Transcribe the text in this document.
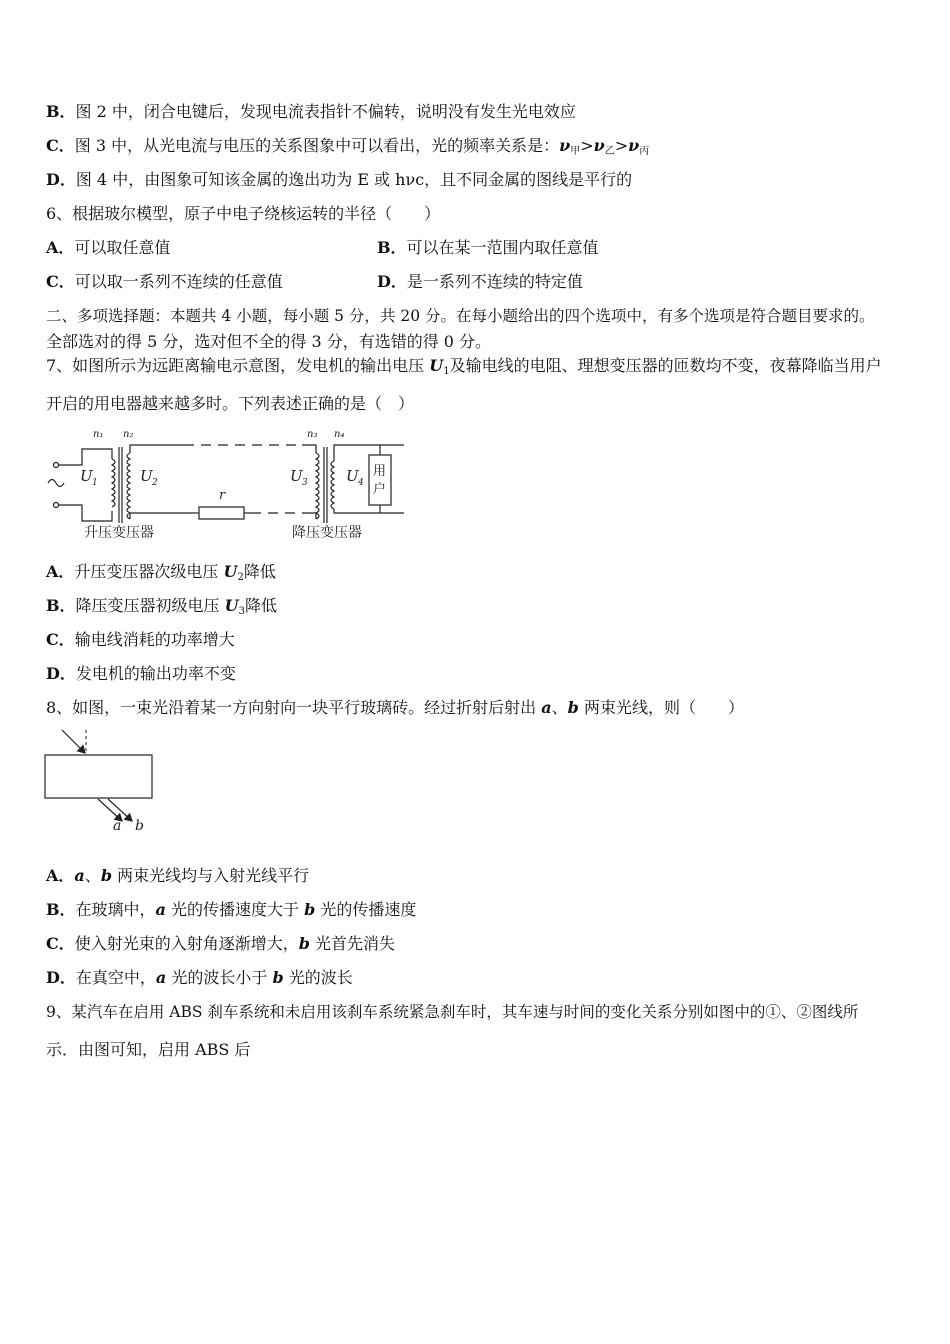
B．图 2 中，闭合电键后，发现电流表指针不偏转，说明没有发生光电效应
C．图 3 中，从光电流与电压的关系图象中可以看出，光的频率关系是：$\nu_甲>\nu_乙>\nu_丙$
D．图 4 中，由图象可知该金属的逸出功为 E 或 hνc，且不同金属的图线是平行的
6、根据玻尔模型，原子中电子绕核运转的半径（　　）
A．可以取任意值	B．可以在某一范围内取任意值
C．可以取一系列不连续的任意值	D．是一系列不连续的特定值
二、多项选择题：本题共 4 小题，每小题 5 分，共 20 分。在每小题给出的四个选项中，有多个选项是符合题目要求的。
全部选对的得 5 分，选对但不全的得 3 分，有选错的得 0 分。
7、如图所示为远距离输电示意图，发电机的输出电压 $U_1$及输电线的电阻、理想变压器的匝数均不变，夜幕降临当用户
开启的用电器越来越多时。下列表述正确的是（　）
n₁ n₂	n₃ n₄
U 1	U 2	U 3	U 4
r
用
户
升压变压器	降压变压器
A．升压变压器次级电压 $U_2$降低
B．降压变压器初级电压 $U_3$降低
C．输电线消耗的功率增大
D．发电机的输出功率不变
8、如图，一束光沿着某一方向射向一块平行玻璃砖。经过折射后射出 a、b 两束光线，则（　　）
a b
A．a、b 两束光线均与入射光线平行
B．在玻璃中，a 光的传播速度大于 b 光的传播速度
C．使入射光束的入射角逐渐增大，b 光首先消失
D．在真空中，a 光的波长小于 b 光的波长
9、某汽车在启用 ABS 刹车系统和未启用该刹车系统紧急刹车时，其车速与时间的变化关系分别如图中的①、②图线所
示．由图可知，启用 ABS 后
